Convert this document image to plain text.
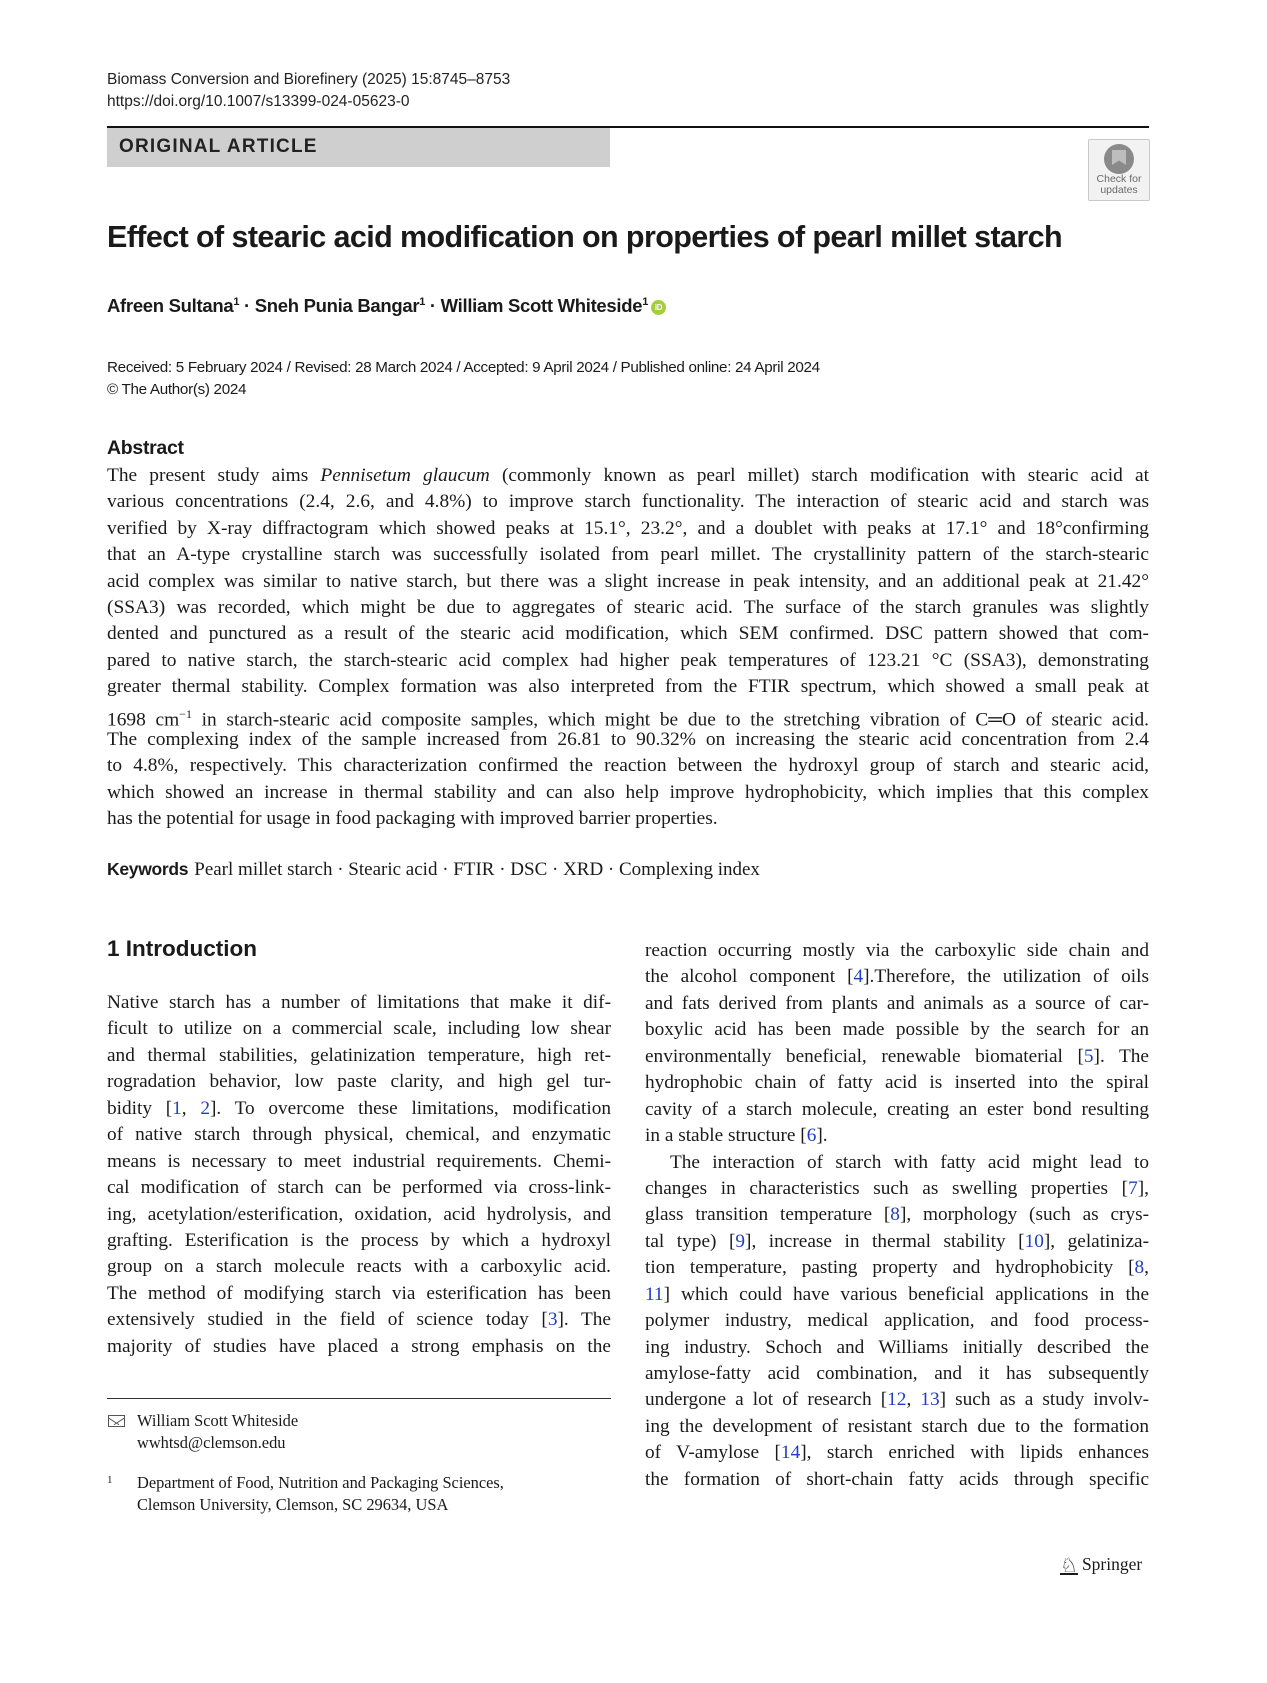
Biomass Conversion and Biorefinery (2025) 15:8745–8753
https://doi.org/10.1007/s13399-024-05623-0
ORIGINAL ARTICLE
Check for
updates
Effect of stearic acid modification on properties of pearl millet starch
Afreen Sultana$^1$ · Sneh Punia Bangar$^1$ · William Scott Whiteside$^1$ iD
Received: 5 February 2024 / Revised: 28 March 2024 / Accepted: 9 April 2024 / Published online: 24 April 2024
© The Author(s) 2024
Abstract
The present study aims Pennisetum glaucum (commonly known as pearl millet) starch modification with stearic acid at
various concentrations (2.4, 2.6, and 4.8%) to improve starch functionality. The interaction of stearic acid and starch was
verified by X-ray diffractogram which showed peaks at 15.1°, 23.2°, and a doublet with peaks at 17.1° and 18°confirming
that an A-type crystalline starch was successfully isolated from pearl millet. The crystallinity pattern of the starch-stearic
acid complex was similar to native starch, but there was a slight increase in peak intensity, and an additional peak at 21.42°
(SSA3) was recorded, which might be due to aggregates of stearic acid. The surface of the starch granules was slightly
dented and punctured as a result of the stearic acid modification, which SEM confirmed. DSC pattern showed that com-
pared to native starch, the starch-stearic acid complex had higher peak temperatures of 123.21 °C (SSA3), demonstrating
greater thermal stability. Complex formation was also interpreted from the FTIR spectrum, which showed a small peak at
1698 $cm^{-1}$ in starch-stearic acid composite samples, which might be due to the stretching vibration of C═O of stearic acid.
The complexing index of the sample increased from 26.81 to 90.32% on increasing the stearic acid concentration from 2.4
to 4.8%, respectively. This characterization confirmed the reaction between the hydroxyl group of starch and stearic acid,
which showed an increase in thermal stability and can also help improve hydrophobicity, which implies that this complex
has the potential for usage in food packaging with improved barrier properties.
Keywords Pearl millet starch · Stearic acid · FTIR · DSC · XRD · Complexing index
1 Introduction
Native starch has a number of limitations that make it dif-
ficult to utilize on a commercial scale, including low shear
and thermal stabilities, gelatinization temperature, high ret-
rogradation behavior, low paste clarity, and high gel tur-
bidity [1, 2]. To overcome these limitations, modification
of native starch through physical, chemical, and enzymatic
means is necessary to meet industrial requirements. Chemi-
cal modification of starch can be performed via cross-link-
ing, acetylation/esterification, oxidation, acid hydrolysis, and
grafting. Esterification is the process by which a hydroxyl
group on a starch molecule reacts with a carboxylic acid.
The method of modifying starch via esterification has been
extensively studied in the field of science today [3]. The
majority of studies have placed a strong emphasis on the
reaction occurring mostly via the carboxylic side chain and
the alcohol component [4].Therefore, the utilization of oils
and fats derived from plants and animals as a source of car-
boxylic acid has been made possible by the search for an
environmentally beneficial, renewable biomaterial [5]. The
hydrophobic chain of fatty acid is inserted into the spiral
cavity of a starch molecule, creating an ester bond resulting
in a stable structure [6].
The interaction of starch with fatty acid might lead to
changes in characteristics such as swelling properties [7],
glass transition temperature [8], morphology (such as crys-
tal type) [9], increase in thermal stability [10], gelatiniza-
tion temperature, pasting property and hydrophobicity [8,
11] which could have various beneficial applications in the
polymer industry, medical application, and food process-
ing industry. Schoch and Williams initially described the
amylose-fatty acid combination, and it has subsequently
undergone a lot of research [12, 13] such as a study involv-
ing the development of resistant starch due to the formation
of V-amylose [14], starch enriched with lipids enhances
the formation of short-chain fatty acids through specific
William Scott Whiteside
wwhtsd@clemson.edu
1 Department of Food, Nutrition and Packaging Sciences,
Clemson University, Clemson, SC 29634, USA
♘ Springer
